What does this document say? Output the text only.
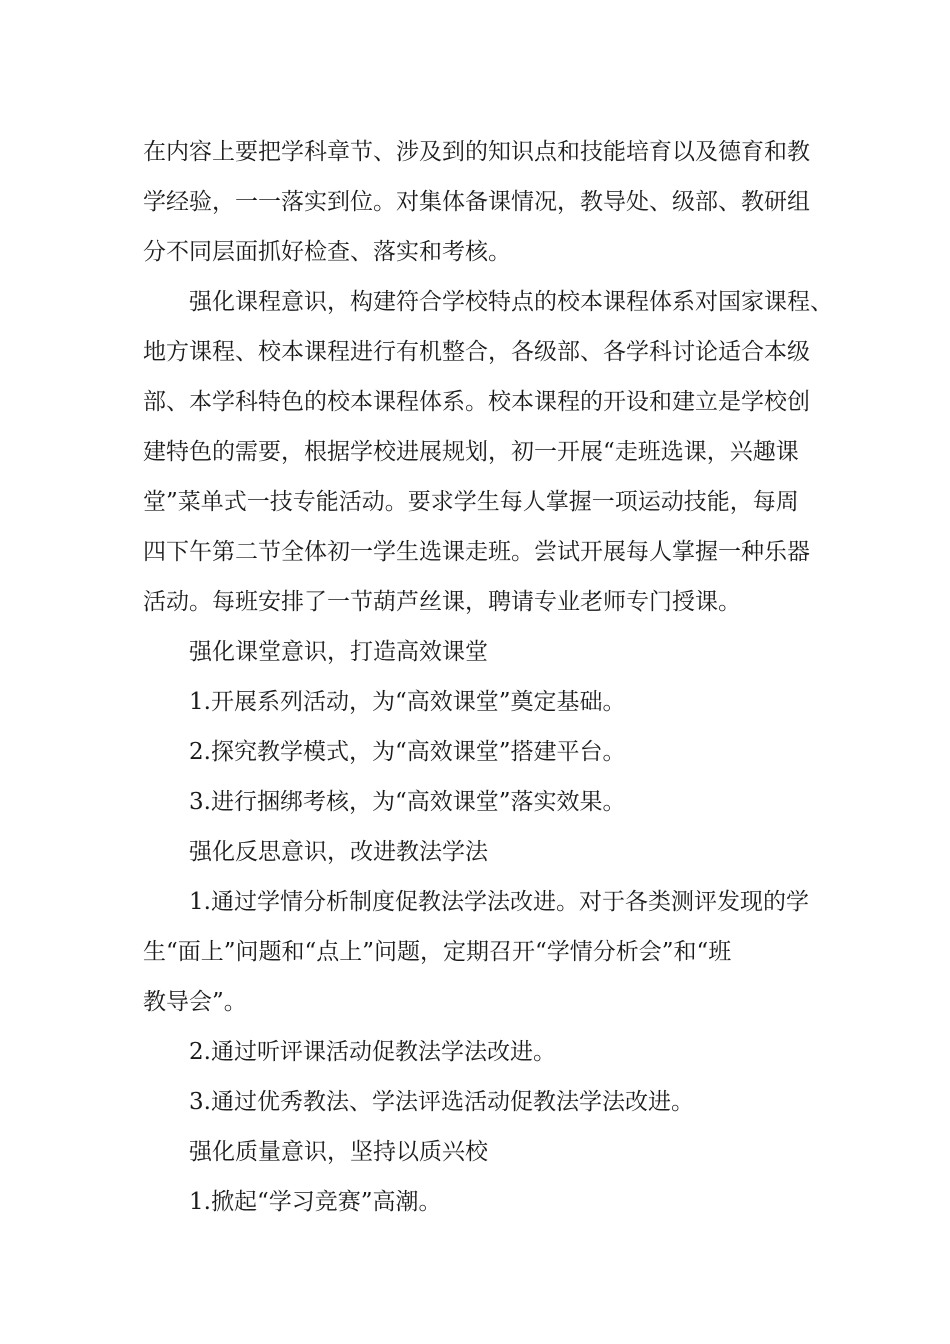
在内容上要把学科章节、涉及到的知识点和技能培育以及德育和教
学经验，一一落实到位。对集体备课情况，教导处、级部、教研组
分不同层面抓好检查、落实和考核。
强化课程意识，构建符合学校特点的校本课程体系对国家课程、
地方课程、校本课程进行有机整合，各级部、各学科讨论适合本级
部、本学科特色的校本课程体系。校本课程的开设和建立是学校创
建特色的需要，根据学校进展规划，初一开展“走班选课，兴趣课
堂”菜单式一技专能活动。要求学生每人掌握一项运动技能，每周
四下午第二节全体初一学生选课走班。尝试开展每人掌握一种乐器
活动。每班安排了一节葫芦丝课，聘请专业老师专门授课。
强化课堂意识，打造高效课堂
1.开展系列活动，为“高效课堂”奠定基础。
2.探究教学模式，为“高效课堂”搭建平台。
3.进行捆绑考核，为“高效课堂”落实效果。
强化反思意识，改进教法学法
1.通过学情分析制度促教法学法改进。对于各类测评发现的学
生“面上”问题和“点上”问题，定期召开“学情分析会”和“班
教导会”。
2.通过听评课活动促教法学法改进。
3.通过优秀教法、学法评选活动促教法学法改进。
强化质量意识，坚持以质兴校
1.掀起“学习竞赛”高潮。
